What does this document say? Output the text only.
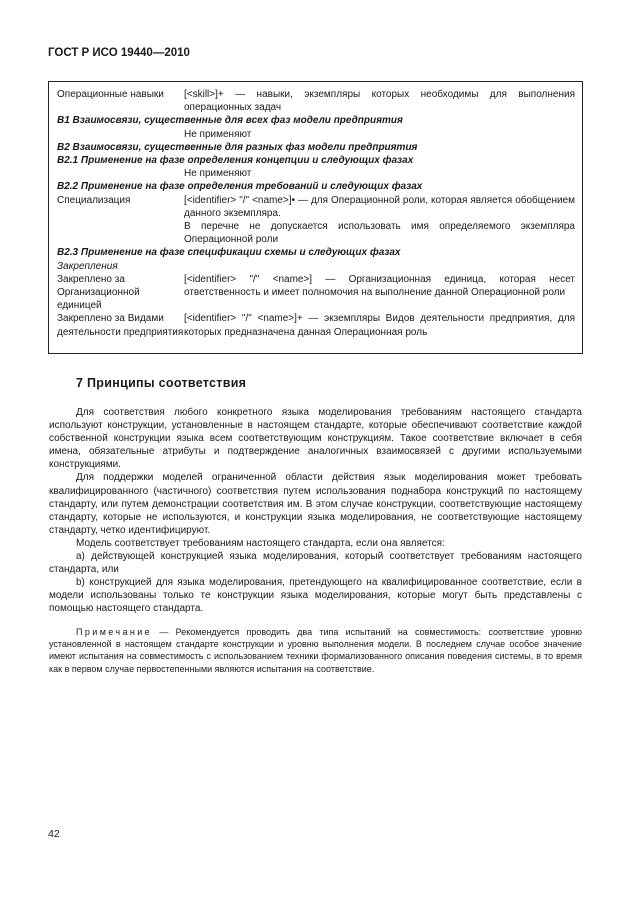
ГОСТ Р ИСО 19440—2010
Операционные навыки	[<skill>]+ — навыки, экземпляры которых необходимы для выполнения операционных задач
В1 Взаимосвязи, существенные для всех фаз модели предприятия
Не применяют
В2 Взаимосвязи, существенные для разных фаз модели предприятия
В2.1 Применение на фазе определения концепции и следующих фазах
Не применяют
В2.2 Применение на фазе определения требований и следующих фазах
Специализация	[<identifier> "/" <name>]• — для Операционной роли, которая является обобщением данного экземпляра.
В перечне не допускается использовать имя определяемого экземпляра Операционной роли
В2.3 Применение на фазе спецификации схемы и следующих фазах
Закрепления
Закреплено за Организационной единицей
[<identifier> "/" <name>] — Организационная единица, которая несет ответственность и имеет полномочия на выполнение данной Операционной роли
Закреплено за Видами деятельности предприятия
[<identifier> "/" <name>]+ — экземпляры Видов деятельности предприятия, для которых предназначена данная Операционная роль
7 Принципы соответствия

Для соответствия любого конкретного языка моделирования требованиям настоящего стандарта используют конструкции, установленные в настоящем стандарте, которые обеспечивают соответствие каждой собственной конструкции языка всем соответствующим конструкциям. Такое соответствие включает в себя имена, обязательные атрибуты и подтверждение аналогичных взаимосвязей с другими используемыми конструкциями.

Для поддержки моделей ограниченной области действия язык моделирования может требовать квалифицированного (частичного) соответствия путем использования поднабора конструкций по настоящему стандарту, или путем демонстрации соответствия им. В этом случае конструкции, соответствующие настоящему стандарту, которые не используются, и конструкции языка моделирования, не соответствующие настоящему стандарту, четко идентифицируют.

Модель соответствует требованиям настоящего стандарта, если она является:

a) действующей конструкцией языка моделирования, который соответствует требованиям настоящего стандарта, или

b) конструкцией для языка моделирования, претендующего на квалифицированное соответствие, если в модели использованы только те конструкции языка моделирования, которые могут быть представлены с помощью настоящего стандарта.

Примечание — Рекомендуется проводить два типа испытаний на совместимость: соответствие уровню установленной в настоящем стандарте конструкции и уровню выполнения модели. В последнем случае особое значение имеют испытания на совместимость с использованием техники формализованного описания поведения системы, в то время как в первом случае первостепенными являются испытания на соответствие.

42
